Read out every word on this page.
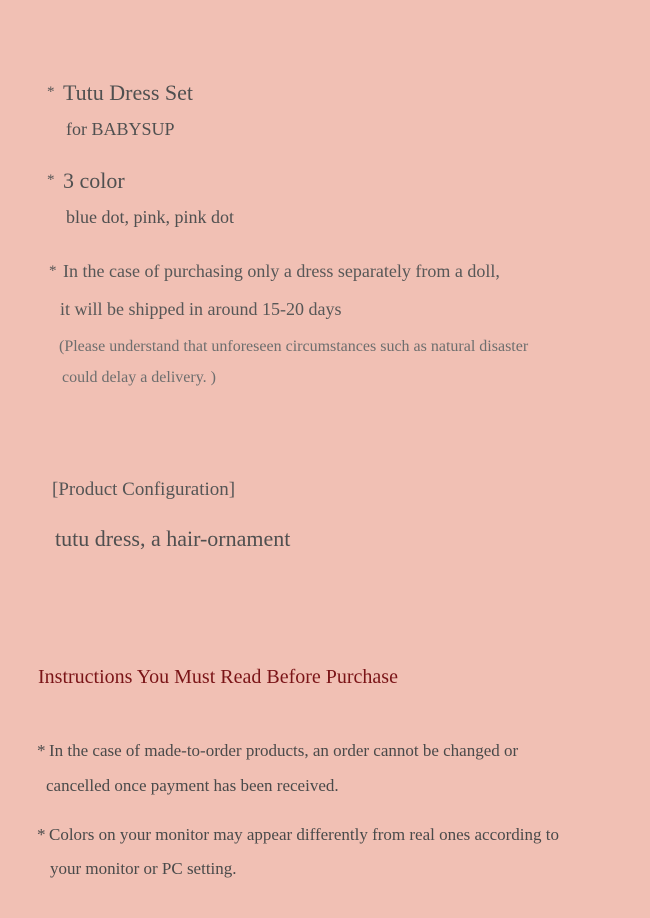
* Tutu Dress Set
for BABYSUP
* 3 color
blue dot, pink, pink dot
* In the case of purchasing only a dress separately from a doll,
it will be shipped in around 15-20 days
(Please understand that unforeseen circumstances such as natural disaster
could delay a delivery. )
[Product Configuration]
tutu dress, a hair-ornament
Instructions You Must Read Before Purchase
* In the case of made-to-order products, an order cannot be changed or
cancelled once payment has been received.
* Colors on your monitor may appear differently from real ones according to
your monitor or PC setting.
